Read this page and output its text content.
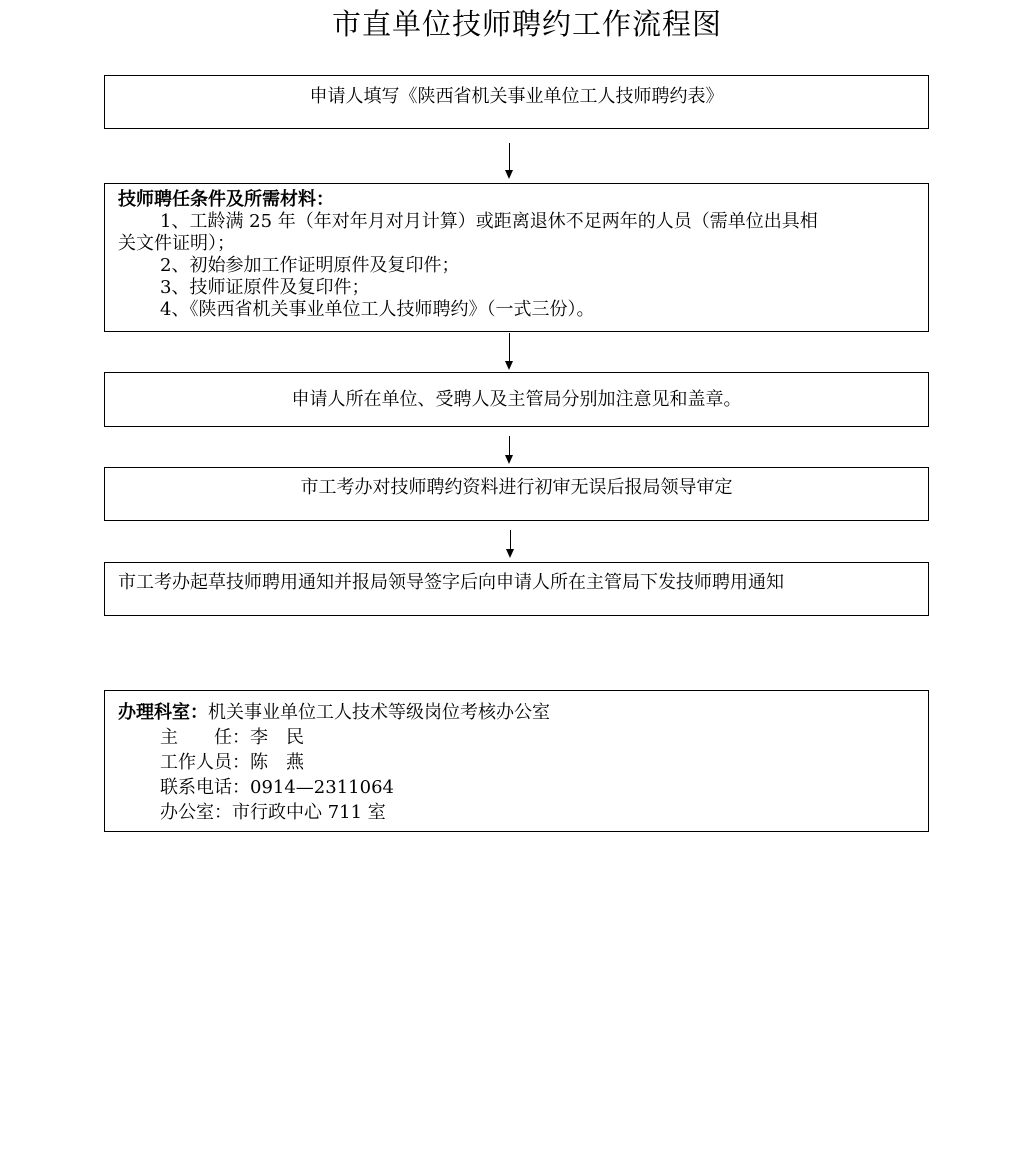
市直单位技师聘约工作流程图
申请人填写《陕西省机关事业单位工人技师聘约表》
技师聘任条件及所需材料：
1、工龄满 25 年（年对年月对月计算）或距离退休不足两年的人员（需单位出具相
关文件证明）；
2、初始参加工作证明原件及复印件；
3、技师证原件及复印件；
4、《陕西省机关事业单位工人技师聘约》（一式三份）。
申请人所在单位、受聘人及主管局分别加注意见和盖章。
市工考办对技师聘约资料进行初审无误后报局领导审定
市工考办起草技师聘用通知并报局领导签字后向申请人所在主管局下发技师聘用通知
办理科室：机关事业单位工人技术等级岗位考核办公室
主　　任：李　民
工作人员：陈　燕
联系电话：0914—2311064
办公室：市行政中心 711 室
